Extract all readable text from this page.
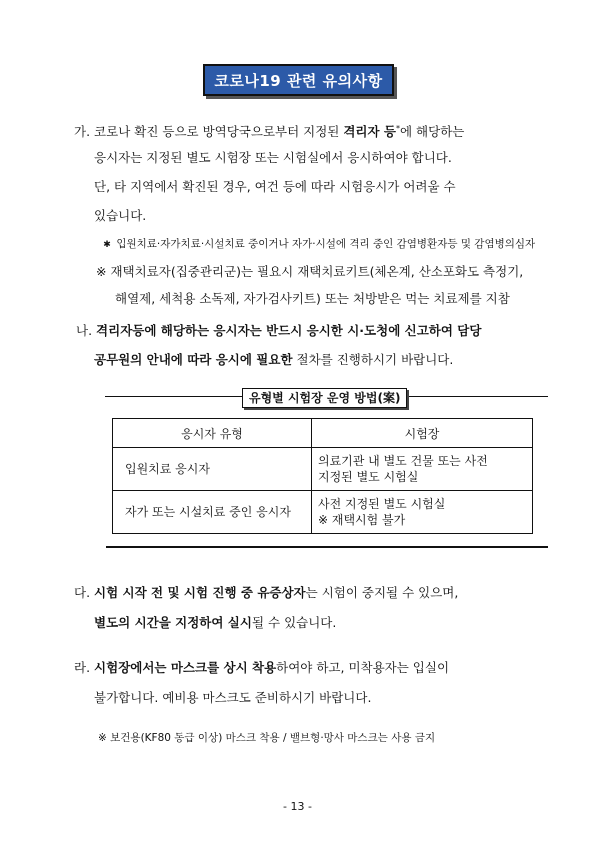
코로나19 관련 유의사항
가. 코로나 확진 등으로 방역당국으로부터 지정된 격리자 등*에 해당하는
응시자는 지정된 별도 시험장 또는 시험실에서 응시하여야 합니다.
단, 타 지역에서 확진된 경우, 여건 등에 따라 시험응시가 어려울 수
있습니다.
✱ 입원치료·자가치료·시설치료 중이거나 자가·시설에 격리 중인 감염병환자등 및 감염병의심자
※ 재택치료자(집중관리군)는 필요시 재택치료키트(체온계, 산소포화도 측정기,
해열제, 세척용 소독제, 자가검사키트) 또는 처방받은 먹는 치료제를 지참
나. 격리자등에 해당하는 응시자는 반드시 응시한 시·도청에 신고하여 담당
공무원의 안내에 따라 응시에 필요한 절차를 진행하시기 바랍니다.
유형별 시험장 운영 방법(案)
응시자 유형	시험장
입원치료 응시자	의료기관 내 별도 건물 또는 사전
지정된 별도 시험실

자가 또는 시설치료 중인 응시자	사전 지정된 별도 시험실
※ 재택시험 불가
다. 시험 시작 전 및 시험 진행 중 유증상자는 시험이 중지될 수 있으며,
별도의 시간을 지정하여 실시될 수 있습니다.
라. 시험장에서는 마스크를 상시 착용하여야 하고, 미착용자는 입실이
불가합니다. 예비용 마스크도 준비하시기 바랍니다.
※ 보건용(KF80 동급 이상) 마스크 착용 / 밸브형·망사 마스크는 사용 금지
- 13 -
